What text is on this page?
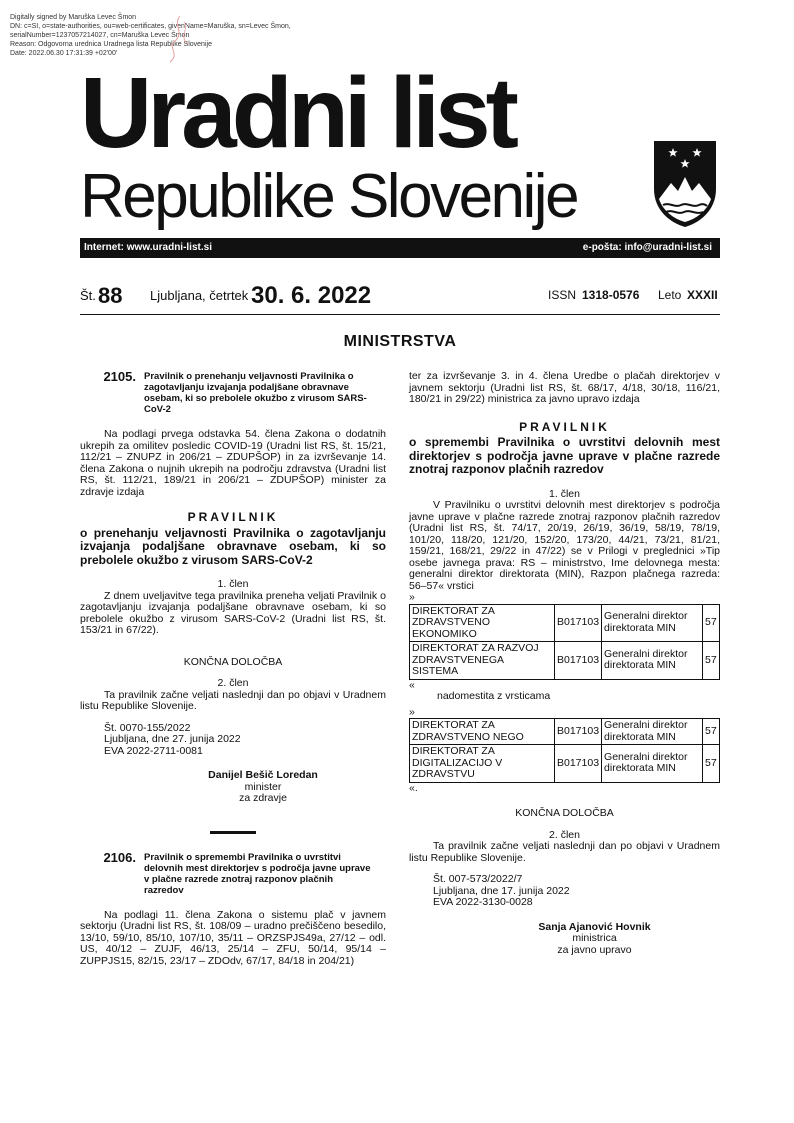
Digitally signed by Maruška Levec Šmon
DN: c=SI, o=state-authorities, ou=web-certificates, givenName=Maruška, sn=Levec Šmon,
serialNumber=1237057214027, cn=Maruška Levec Šmon
Reason: Odgovorna urednica Uradnega lista Republike Slovenije
Date: 2022.06.30 17:31:39 +02'00'
Uradni list
Republike Slovenije
Internet: www.uradni-list.si	e-pošta: info@uradni-list.si
Št. 88 Ljubljana, četrtek 30. 6. 2022	ISSN 1318-0576 Leto XXXII
MINISTRSTVA
2105. Pravilnik o prenehanju veljavnosti Pravilnika o zagotavljanju izvajanja podaljšane obravnave osebam, ki so prebolele okužbo z virusom SARS-CoV-2

Na podlagi prvega odstavka 54. člena Zakona o dodatnih ukrepih za omilitev posledic COVID-19 (Uradni list RS, št. 15/21, 112/21 – ZNUPZ in 206/21 – ZDUPŠOP) in za izvrševanje 14. člena Zakona o nujnih ukrepih na področju zdravstva (Uradni list RS, št. 112/21, 189/21 in 206/21 – ZDUPŠOP) minister za zdravje izdaja

PRAVILNIK

o prenehanju veljavnosti Pravilnika o zagotavljanju izvajanja podaljšane obravnave osebam, ki so prebolele okužbo z virusom SARS-CoV-2

1. člen

Z dnem uveljavitve tega pravilnika preneha veljati Pravilnik o zagotavljanju izvajanja podaljšane obravnave osebam, ki so prebolele okužbo z virusom SARS-CoV-2 (Uradni list RS, št. 153/21 in 67/22).

KONČNA DOLOČBA

2. člen

Ta pravilnik začne veljati naslednji dan po objavi v Uradnem listu Republike Slovenije.

Št. 0070-155/2022

Ljubljana, dne 27. junija 2022

EVA 2022-2711-0081

Danijel Bešič Loredan

minister

za zdravje

2106. Pravilnik o spremembi Pravilnika o uvrstitvi delovnih mest direktorjev s področja javne uprave v plačne razrede znotraj razponov plačnih razredov

Na podlagi 11. člena Zakona o sistemu plač v javnem sektorju (Uradni list RS, št. 108/09 – uradno prečiščeno besedilo, 13/10, 59/10, 85/10, 107/10, 35/11 – ORZSPJS49a, 27/12 – odl. US, 40/12 – ZUJF, 46/13, 25/14 – ZFU, 50/14, 95/14 – ZUPPJS15, 82/15, 23/17 – ZDOdv, 67/17, 84/18 in 204/21)

ter za izvrševanje 3. in 4. člena Uredbe o plačah direktorjev v javnem sektorju (Uradni list RS, št. 68/17, 4/18, 30/18, 116/21, 180/21 in 29/22) ministrica za javno upravo izdaja

PRAVILNIK

o spremembi Pravilnika o uvrstitvi delovnih mest direktorjev s področja javne uprave v plačne razrede znotraj razponov plačnih razredov

1. člen

V Pravilniku o uvrstitvi delovnih mest direktorjev s področja javne uprave v plačne razrede znotraj razponov plačnih razredov (Uradni list RS, št. 74/17, 20/19, 26/19, 36/19, 58/19, 78/19, 101/20, 118/20, 121/20, 152/20, 173/20, 44/21, 73/21, 81/21, 159/21, 168/21, 29/22 in 47/22) se v Prilogi v preglednici »Tip osebe javnega prava: RS – ministrstvo, Ime delovnega mesta: generalni direktor direktorata (MIN), Razpon plačnega razreda: 56–57« vrstici

»

DIREKTORAT ZA ZDRAVSTVENO EKONOMIKO	B017103	Generalni direktor direktorata MIN	57
DIREKTORAT ZA RAZVOJ ZDRAVSTVENEGA SISTEMA	B017103	Generalni direktor direktorata MIN	57

«

nadomestita z vrsticama

»

DIREKTORAT ZA ZDRAVSTVENO NEGO	B017103	Generalni direktor direktorata MIN	57
DIREKTORAT ZA DIGITALIZACIJO V ZDRAVSTVU	B017103	Generalni direktor direktorata MIN	57

«.

KONČNA DOLOČBA

2. člen

Ta pravilnik začne veljati naslednji dan po objavi v Uradnem listu Republike Slovenije.

Št. 007-573/2022/7

Ljubljana, dne 17. junija 2022

EVA 2022-3130-0028

Sanja Ajanović Hovnik

ministrica

za javno upravo
